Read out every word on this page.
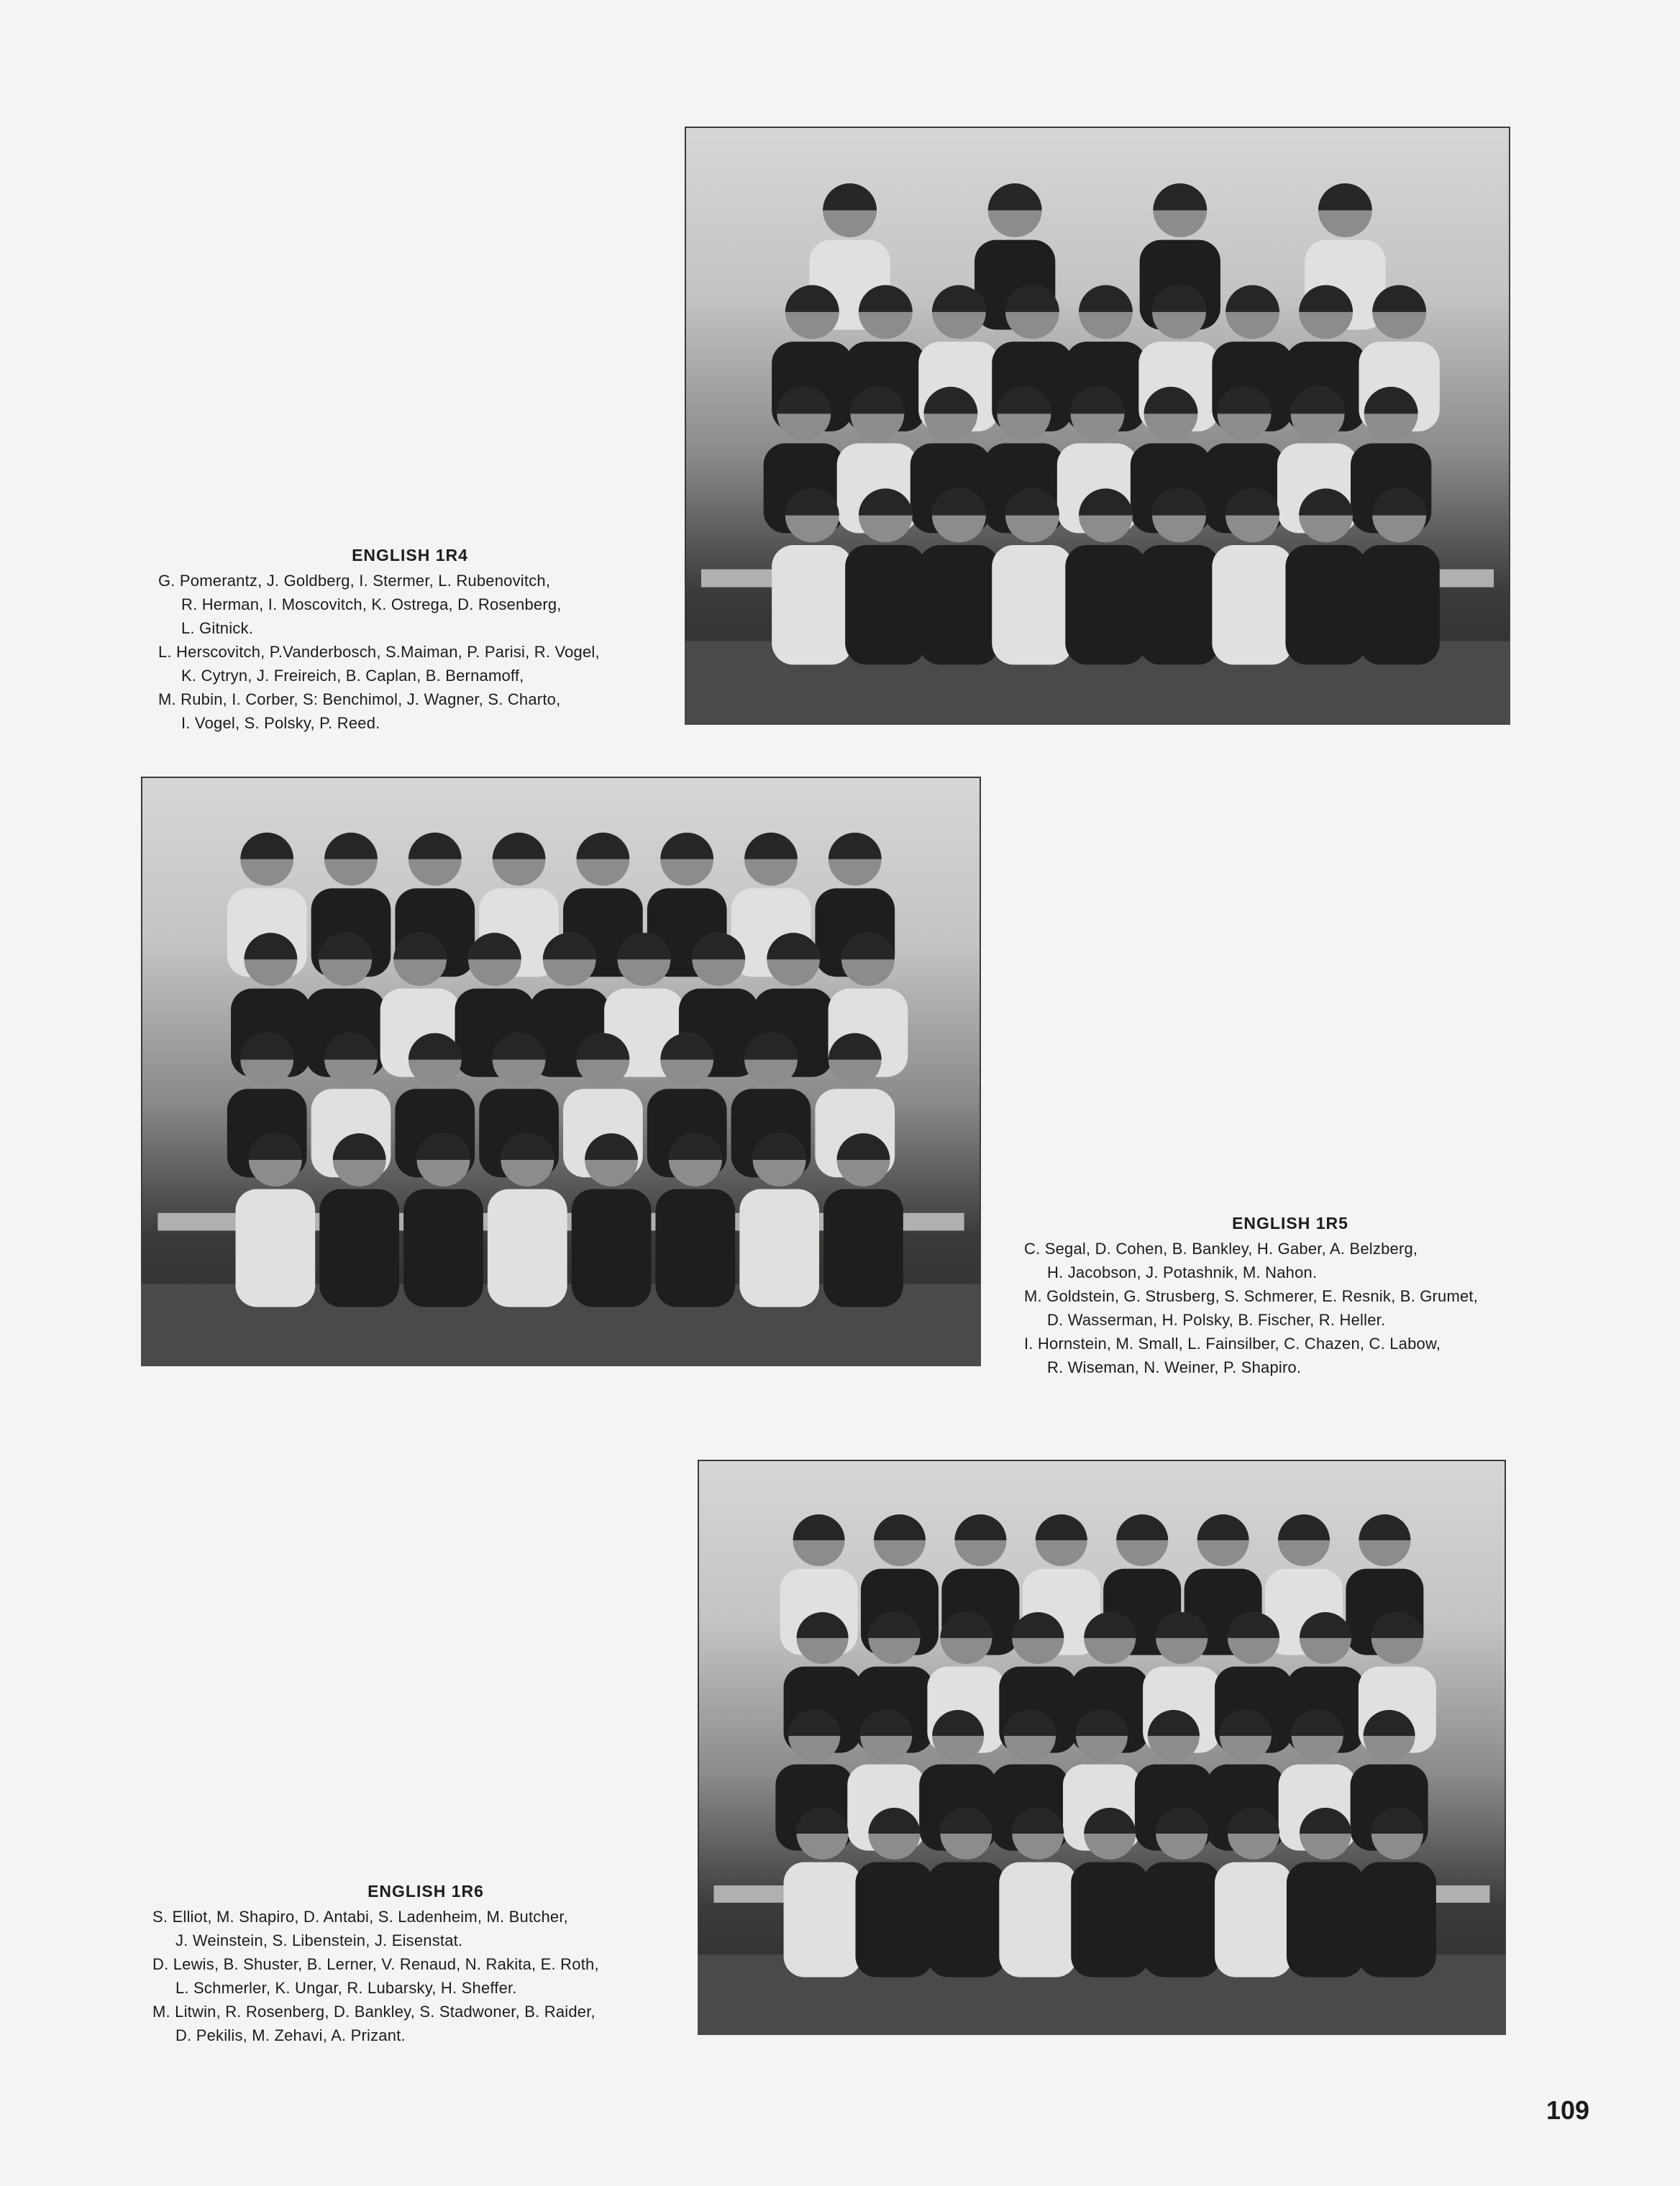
ENGLISH 1R4
G. Pomerantz, J. Goldberg, I. Stermer, L. Rubenovitch,
R. Herman, I. Moscovitch, K. Ostrega, D. Rosenberg,
L. Gitnick.
L. Herscovitch, P.Vanderbosch, S.Maiman, P. Parisi, R. Vogel,
K. Cytryn, J. Freireich, B. Caplan, B. Bernamoff,
M. Rubin, I. Corber, S: Benchimol, J. Wagner, S. Charto,
I. Vogel, S. Polsky, P. Reed.
ENGLISH 1R5
C. Segal, D. Cohen, B. Bankley, H. Gaber, A. Belzberg,
H. Jacobson, J. Potashnik, M. Nahon.
M. Goldstein, G. Strusberg, S. Schmerer, E. Resnik, B. Grumet,
D. Wasserman, H. Polsky, B. Fischer, R. Heller.
I. Hornstein, M. Small, L. Fainsilber, C. Chazen, C. Labow,
R. Wiseman, N. Weiner, P. Shapiro.
ENGLISH 1R6
S. Elliot, M. Shapiro, D. Antabi, S. Ladenheim, M. Butcher,
J. Weinstein, S. Libenstein, J. Eisenstat.
D. Lewis, B. Shuster, B. Lerner, V. Renaud, N. Rakita, E. Roth,
L. Schmerler, K. Ungar, R. Lubarsky, H. Sheffer.
M. Litwin, R. Rosenberg, D. Bankley, S. Stadwoner, B. Raider,
D. Pekilis, M. Zehavi, A. Prizant.
109
